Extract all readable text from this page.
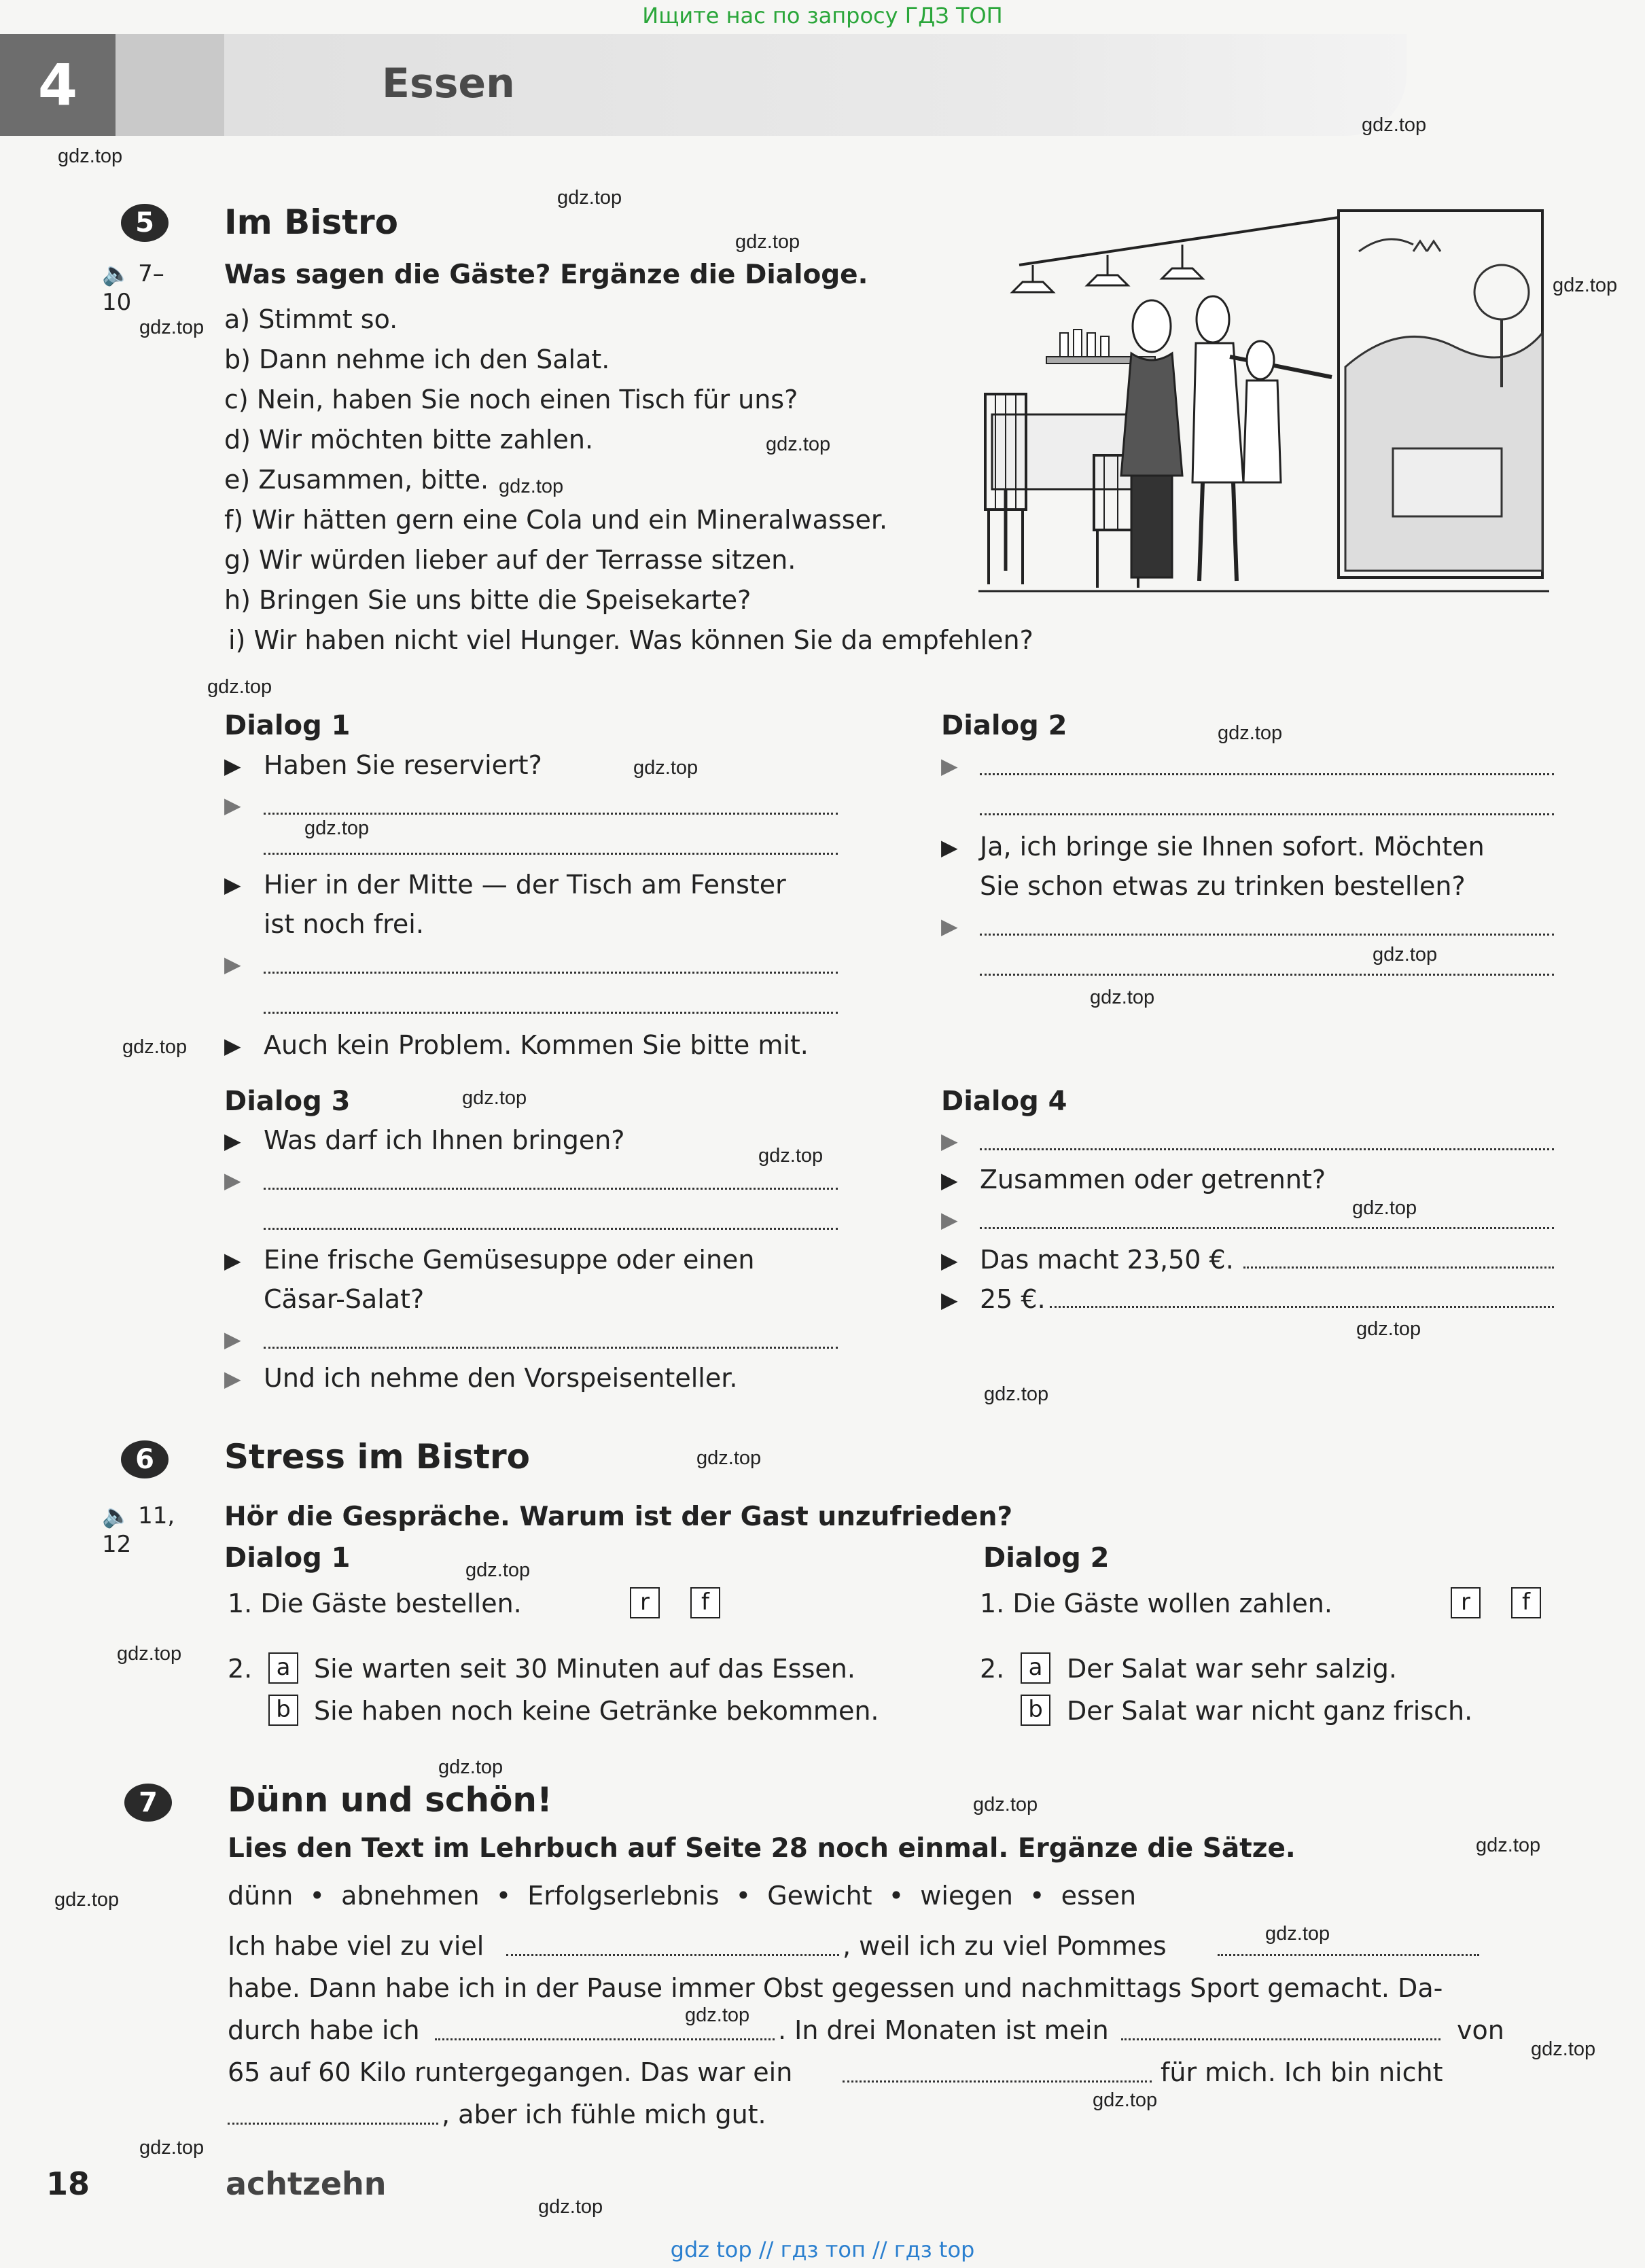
Ищите нас по запросу ГДЗ ТОП
4	Essen
gdz.top
gdz.top
gdz.top
gdz.top
gdz.top
gdz.top
gdz.top
gdz.top
gdz.top
gdz.top
gdz.top
gdz.top
gdz.top
gdz.top
gdz.top
gdz.top
gdz.top
gdz.top
gdz.top
gdz.top
gdz.top
gdz.top
gdz.top
gdz.top
gdz.top
gdz.top
gdz.top
gdz.top
gdz.top
gdz.top
gdz.top
gdz.top
gdz.top
5	Im Bistro
🔈 7–
10
Was sagen die Gäste? Ergänze die Dialoge.
a) Stimmt so.
b) Dann nehme ich den Salat.
c) Nein, haben Sie noch einen Tisch für uns?
d) Wir möchten bitte zahlen.
e) Zusammen, bitte.
f) Wir hätten gern eine Cola und ein Mineralwasser.
g) Wir würden lieber auf der Terrasse sitzen.
h) Bringen Sie uns bitte die Speisekarte?
i) Wir haben nicht viel Hunger. Was können Sie da empfehlen?
Dialog 1
▶ Haben Sie reserviert?
▶
▶ Hier in der Mitte — der Tisch am Fenster
ist noch frei.
▶
▶ Auch kein Problem. Kommen Sie bitte mit.
Dialog 2
▶
▶ Ja, ich bringe sie Ihnen sofort. Möchten
Sie schon etwas zu trinken bestellen?
▶
Dialog 3
▶ Was darf ich Ihnen bringen?
▶
▶ Eine frische Gemüsesuppe oder einen
Cäsar-Salat?
▶
▶ Und ich nehme den Vorspeisenteller.
Dialog 4
▶
▶ Zusammen oder getrennt?
▶
▶ Das macht 23,50 €.
▶ 25 €.
6	Stress im Bistro
🔈 11,
12
Hör die Gespräche. Warum ist der Gast unzufrieden?
Dialog 1
1. Die Gäste bestellen.	r	f
2.	a Sie warten seit 30 Minuten auf das Essen.
b Sie haben noch keine Getränke bekommen.
Dialog 2
1. Die Gäste wollen zahlen.	r	f
2.	a Der Salat war sehr salzig.
b Der Salat war nicht ganz frisch.
7	Dünn und schön!
Lies den Text im Lehrbuch auf Seite 28 noch einmal. Ergänze die Sätze.
dünn  •  abnehmen  •  Erfolgserlebnis  •  Gewicht  •  wiegen  •  essen
Ich habe viel zu viel	, weil ich zu viel Pommes
habe. Dann habe ich in der Pause immer Obst gegessen und nachmittags Sport gemacht. Da-
durch habe ich	. In drei Monaten ist mein	von
65 auf 60 Kilo runtergegangen. Das war ein	für mich. Ich bin nicht
, aber ich fühle mich gut.
18	achtzehn
gdz top // гдз топ // гдз top
